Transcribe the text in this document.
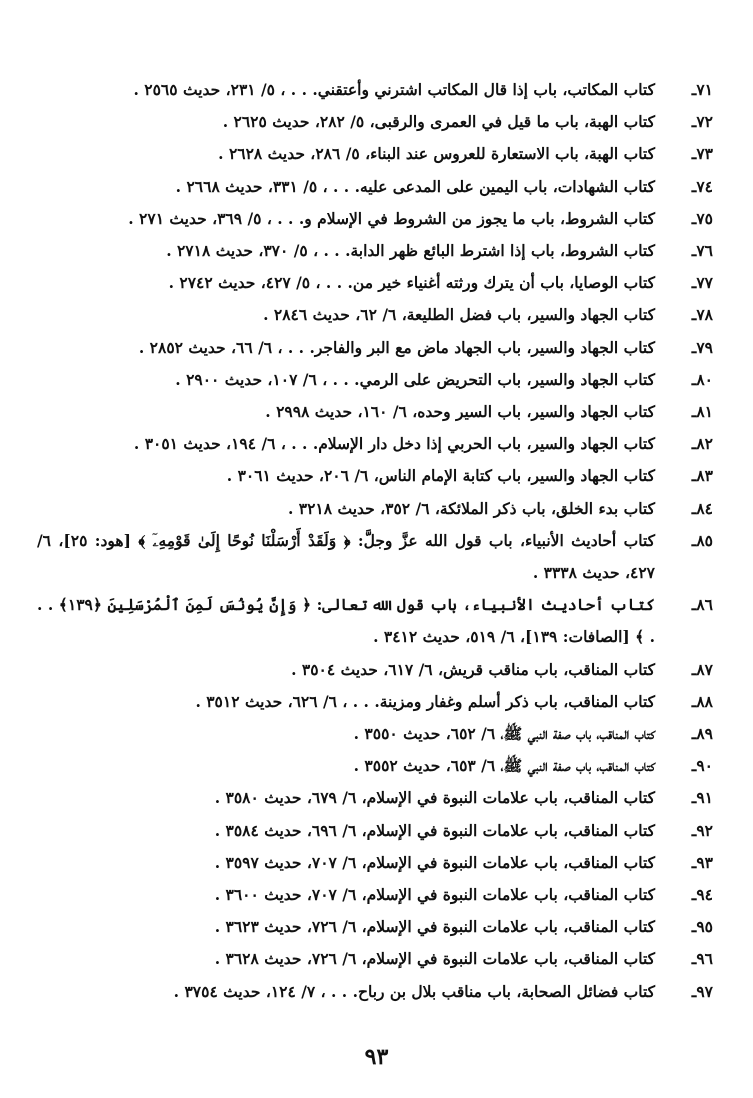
٧١ـ
كتاب المكاتب، باب إذا قال المكاتب اشترني وأعتقني. . . ، ٥/ ٢٣١، حديث ٢٥٦٥ .
٧٢ـ
كتاب الهبة، باب ما قيل في العمرى والرقبى، ٥/ ٢٨٢، حديث ٢٦٢٥ .
٧٣ـ
كتاب الهبة، باب الاستعارة للعروس عند البناء، ٥/ ٢٨٦، حديث ٢٦٢٨ .
٧٤ـ
كتاب الشهادات، باب اليمين على المدعى عليه. . . ، ٥/ ٣٣١، حديث ٢٦٦٨ .
٧٥ـ
كتاب الشروط، باب ما يجوز من الشروط في الإسلام و. . . ، ٥/ ٣٦٩، حديث ٢٧١ .
٧٦ـ
كتاب الشروط، باب إذا اشترط البائع ظهر الدابة. . . ، ٥/ ٣٧٠، حديث ٢٧١٨ .
٧٧ـ
كتاب الوصايا، باب أن يترك ورثته أغنياء خير من. . . ، ٥/ ٤٢٧، حديث ٢٧٤٢ .
٧٨ـ
كتاب الجهاد والسير، باب فضل الطليعة، ٦/ ٦٢، حديث ٢٨٤٦ .
٧٩ـ
كتاب الجهاد والسير، باب الجهاد ماض مع البر والفاجر. . . ، ٦/ ٦٦، حديث ٢٨٥٢ .
٨٠ـ
كتاب الجهاد والسير، باب التحريض على الرمي. . . ، ٦/ ١٠٧، حديث ٢٩٠٠ .
٨١ـ
كتاب الجهاد والسير، باب السير وحده، ٦/ ١٦٠، حديث ٢٩٩٨ .
٨٢ـ
كتاب الجهاد والسير، باب الحربي إذا دخل دار الإسلام. . . ، ٦/ ١٩٤، حديث ٣٠٥١ .
٨٣ـ
كتاب الجهاد والسير، باب كتابة الإمام الناس، ٦/ ٢٠٦، حديث ٣٠٦١ .
٨٤ـ
كتاب بدء الخلق، باب ذكر الملائكة، ٦/ ٣٥٢، حديث ٣٢١٨ .
٨٥ـ
كتاب أحاديث الأنبياء، باب قول الله عزَّ وجلَّ: ﴿ وَلَقَدْ أَرْسَلْنَا نُوحًا إِلَىٰ قَوْمِهِۦٓ ﴾ [هود: ٢٥]، ٦/ ٤٢٧، حديث ٣٣٣٨ .
٨٦ـ
كتاب أحاديث الأنبياء، باب قول الله تعالى: ﴿ وَإِنَّ يُونُسَ لَمِنَ ٱلْمُرْسَلِينَ ﴿١٣٩﴾ . . . ﴾ [الصافات: ١٣٩]، ٦/ ٥١٩، حديث ٣٤١٢ .
٨٧ـ
كتاب المناقب، باب مناقب قريش، ٦/ ٦١٧، حديث ٣٥٠٤ .
٨٨ـ
كتاب المناقب، باب ذكر أسلم وغفار ومزينة. . . ، ٦/ ٦٢٦، حديث ٣٥١٢ .
٨٩ـ
كتاب المناقب، باب صفة النبي ﷺ، ٦/ ٦٥٢، حديث ٣٥٥٠ .
٩٠ـ
كتاب المناقب، باب صفة النبي ﷺ، ٦/ ٦٥٣، حديث ٣٥٥٢ .
٩١ـ
كتاب المناقب، باب علامات النبوة في الإسلام، ٦/ ٦٧٩، حديث ٣٥٨٠ .
٩٢ـ
كتاب المناقب، باب علامات النبوة في الإسلام، ٦/ ٦٩٦، حديث ٣٥٨٤ .
٩٣ـ
كتاب المناقب، باب علامات النبوة في الإسلام، ٦/ ٧٠٧، حديث ٣٥٩٧ .
٩٤ـ
كتاب المناقب، باب علامات النبوة في الإسلام، ٦/ ٧٠٧، حديث ٣٦٠٠ .
٩٥ـ
كتاب المناقب، باب علامات النبوة في الإسلام، ٦/ ٧٢٦، حديث ٣٦٢٣ .
٩٦ـ
كتاب المناقب، باب علامات النبوة في الإسلام، ٦/ ٧٢٦، حديث ٣٦٢٨ .
٩٧ـ
كتاب فضائل الصحابة، باب مناقب بلال بن رباح. . . ، ٧/ ١٢٤، حديث ٣٧٥٤ .
٩٣
